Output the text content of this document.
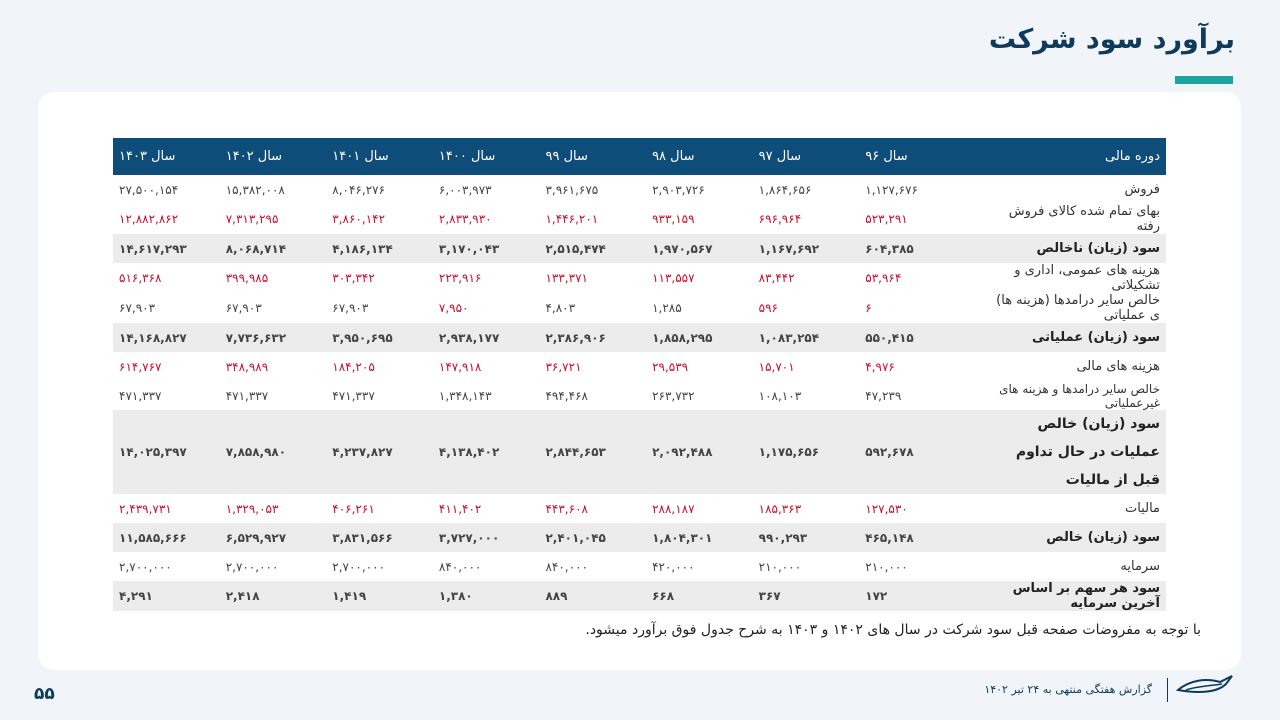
برآورد سود شرکت
دوره مالی	سال ۹۶	سال ۹۷	سال ۹۸	سال ۹۹	سال ۱۴۰۰	سال ۱۴۰۱	سال ۱۴۰۲	سال ۱۴۰۳
فروش	۱,۱۲۷,۶۷۶	۱,۸۶۴,۶۵۶	۲,۹۰۳,۷۲۶	۳,۹۶۱,۶۷۵	۶,۰۰۳,۹۷۳	۸,۰۴۶,۲۷۶	۱۵,۳۸۲,۰۰۸	۲۷,۵۰۰,۱۵۴
بهای تمام شده کالای فروش رفته	۵۲۳,۲۹۱	۶۹۶,۹۶۴	۹۳۳,۱۵۹	۱,۴۴۶,۲۰۱	۲,۸۳۳,۹۳۰	۳,۸۶۰,۱۴۲	۷,۳۱۳,۲۹۵	۱۲,۸۸۲,۸۶۲
سود (زیان) ناخالص	۶۰۴,۳۸۵	۱,۱۶۷,۶۹۲	۱,۹۷۰,۵۶۷	۲,۵۱۵,۴۷۴	۳,۱۷۰,۰۴۳	۴,۱۸۶,۱۳۴	۸,۰۶۸,۷۱۴	۱۴,۶۱۷,۲۹۳
هزینه های عمومی، اداری و تشکیلاتی	۵۳,۹۶۴	۸۳,۴۴۲	۱۱۳,۵۵۷	۱۳۳,۳۷۱	۲۲۳,۹۱۶	۳۰۳,۳۴۲	۳۹۹,۹۸۵	۵۱۶,۳۶۸
خالص سایر درامدها (هزینه ها) ی عملیاتی	۶	۵۹۶	۱,۲۸۵	۴,۸۰۳	۷,۹۵۰	۶۷,۹۰۳	۶۷,۹۰۳	۶۷,۹۰۳
سود (زیان) عملیاتی	۵۵۰,۴۱۵	۱,۰۸۳,۲۵۴	۱,۸۵۸,۲۹۵	۲,۳۸۶,۹۰۶	۲,۹۳۸,۱۷۷	۳,۹۵۰,۶۹۵	۷,۷۳۶,۶۳۲	۱۴,۱۶۸,۸۲۷
هزینه های مالی	۴,۹۷۶	۱۵,۷۰۱	۲۹,۵۳۹	۳۶,۷۲۱	۱۴۷,۹۱۸	۱۸۴,۲۰۵	۳۴۸,۹۸۹	۶۱۴,۷۶۷
خالص سایر درامدها و هزینه های غیرعملیاتی	۴۷,۲۳۹	۱۰۸,۱۰۳	۲۶۳,۷۳۲	۴۹۴,۴۶۸	۱,۳۴۸,۱۴۳	۴۷۱,۳۳۷	۴۷۱,۳۳۷	۴۷۱,۳۳۷
سود (زیان) خالص عملیات در حال تداوم قبل از مالیات	۵۹۲,۶۷۸	۱,۱۷۵,۶۵۶	۲,۰۹۲,۴۸۸	۲,۸۴۴,۶۵۳	۴,۱۳۸,۴۰۲	۴,۲۳۷,۸۲۷	۷,۸۵۸,۹۸۰	۱۴,۰۲۵,۳۹۷
مالیات	۱۲۷,۵۳۰	۱۸۵,۳۶۳	۲۸۸,۱۸۷	۴۴۳,۶۰۸	۴۱۱,۴۰۲	۴۰۶,۲۶۱	۱,۳۲۹,۰۵۳	۲,۴۳۹,۷۳۱
سود (زیان) خالص	۴۶۵,۱۴۸	۹۹۰,۲۹۳	۱,۸۰۴,۳۰۱	۲,۴۰۱,۰۴۵	۳,۷۲۷,۰۰۰	۳,۸۳۱,۵۶۶	۶,۵۲۹,۹۲۷	۱۱,۵۸۵,۶۶۶
سرمایه	۲۱۰,۰۰۰	۲۱۰,۰۰۰	۴۲۰,۰۰۰	۸۴۰,۰۰۰	۸۴۰,۰۰۰	۲,۷۰۰,۰۰۰	۲,۷۰۰,۰۰۰	۲,۷۰۰,۰۰۰
سود هر سهم بر اساس آخرین سرمایه	۱۷۲	۳۶۷	۶۶۸	۸۸۹	۱,۳۸۰	۱,۴۱۹	۲,۴۱۸	۴,۲۹۱

با توجه به مفروضات صفحه قبل سود شرکت در سال های ۱۴۰۲ و ۱۴۰۳ به شرح جدول فوق برآورد میشود.

۵۵	گزارش هفتگی منتهی به ۲۴ تیر ۱۴۰۲
